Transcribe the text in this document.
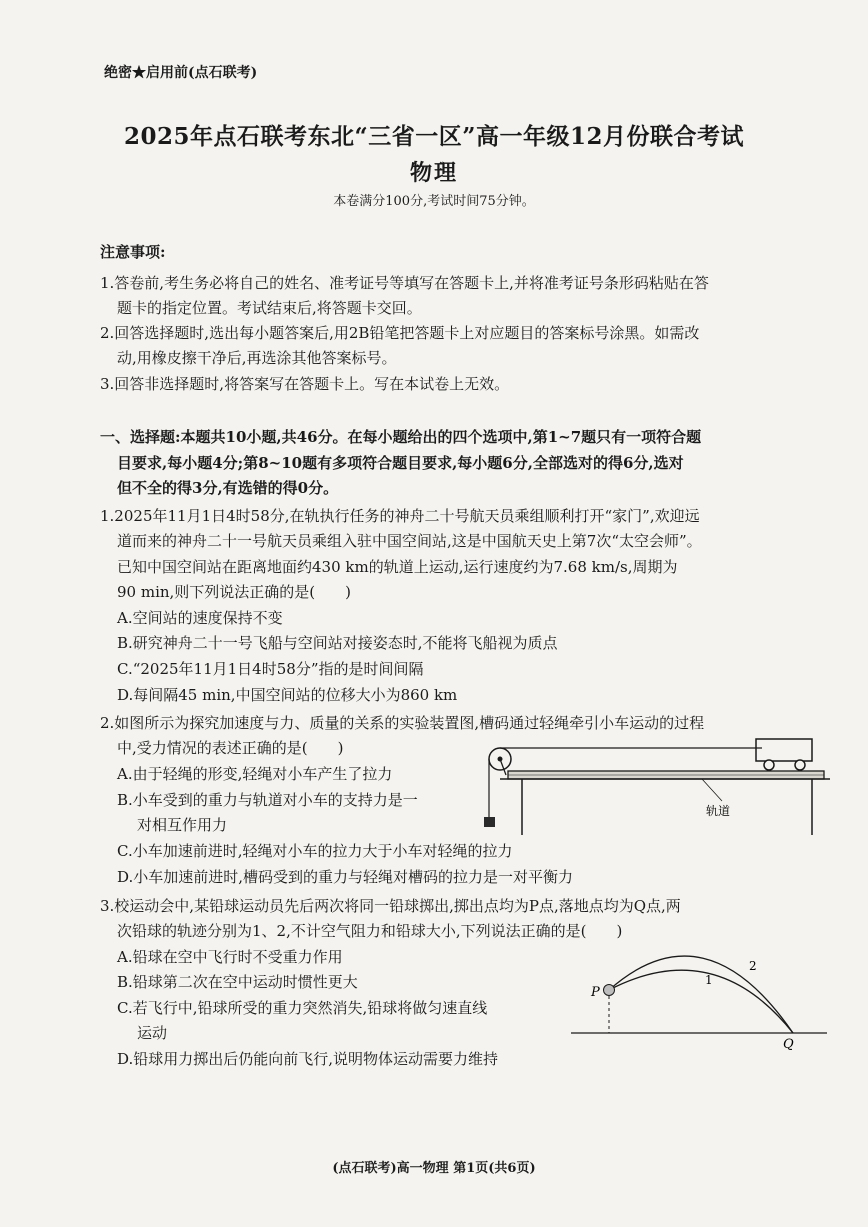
绝密★启用前(点石联考)
2025年点石联考东北“三省一区”高一年级12月份联合考试
物理
本卷满分100分,考试时间75分钟。
注意事项:
1.答卷前,考生务必将自己的姓名、准考证号等填写在答题卡上,并将准考证号条形码粘贴在答
题卡的指定位置。考试结束后,将答题卡交回。
2.回答选择题时,选出每小题答案后,用2B铅笔把答题卡上对应题目的答案标号涂黑。如需改
动,用橡皮擦干净后,再选涂其他答案标号。
3.回答非选择题时,将答案写在答题卡上。写在本试卷上无效。
一、选择题:本题共10小题,共46分。在每小题给出的四个选项中,第1~7题只有一项符合题
目要求,每小题4分;第8~10题有多项符合题目要求,每小题6分,全部选对的得6分,选对
但不全的得3分,有选错的得0分。
1.2025年11月1日4时58分,在轨执行任务的神舟二十号航天员乘组顺利打开“家门”,欢迎远
道而来的神舟二十一号航天员乘组入驻中国空间站,这是中国航天史上第7次“太空会师”。
已知中国空间站在距离地面约430 km的轨道上运动,运行速度约为7.68 km/s,周期为
90 min,则下列说法正确的是(　　)
A.空间站的速度保持不变
B.研究神舟二十一号飞船与空间站对接姿态时,不能将飞船视为质点
C.“2025年11月1日4时58分”指的是时间间隔
D.每间隔45 min,中国空间站的位移大小为860 km
2.如图所示为探究加速度与力、质量的关系的实验装置图,槽码通过轻绳牵引小车运动的过程
中,受力情况的表述正确的是(　　)
A.由于轻绳的形变,轻绳对小车产生了拉力
B.小车受到的重力与轨道对小车的支持力是一
对相互作用力
C.小车加速前进时,轻绳对小车的拉力大于小车对轻绳的拉力
D.小车加速前进时,槽码受到的重力与轻绳对槽码的拉力是一对平衡力
轨道
3.校运动会中,某铅球运动员先后两次将同一铅球掷出,掷出点均为P点,落地点均为Q点,两
次铅球的轨迹分别为1、2,不计空气阻力和铅球大小,下列说法正确的是(　　)
A.铅球在空中飞行时不受重力作用
B.铅球第二次在空中运动时惯性更大
C.若飞行中,铅球所受的重力突然消失,铅球将做匀速直线
运动
D.铅球用力掷出后仍能向前飞行,说明物体运动需要力维持
P
Q
1
2
(点石联考)高一物理 第1页(共6页)
